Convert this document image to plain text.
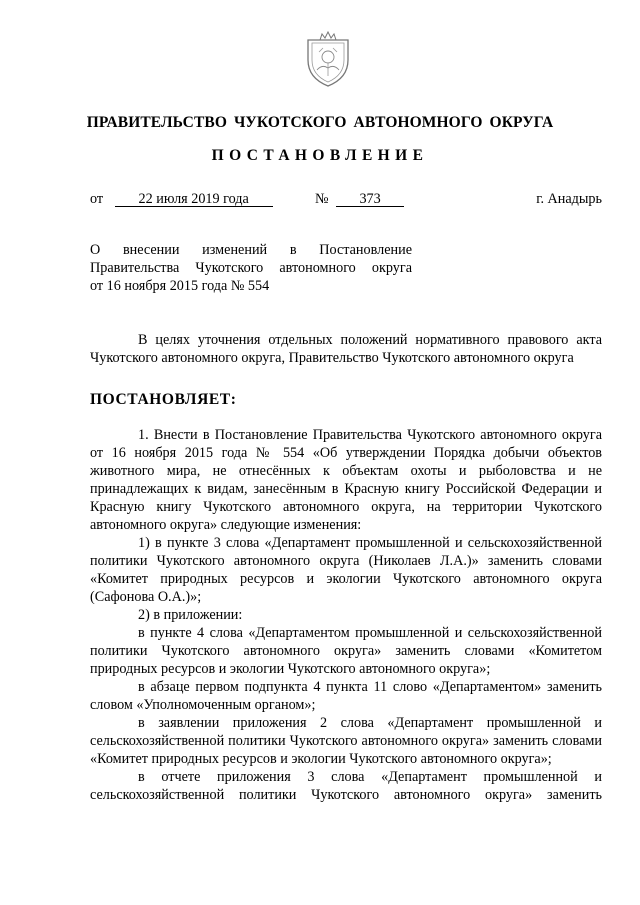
ПРАВИТЕЛЬСТВО ЧУКОТСКОГО АВТОНОМНОГО ОКРУГА
ПОСТАНОВЛЕНИЕ
от 22 июля 2019 года	№ 373	г. Анадырь

О внесении изменений в Постановление

Правительства Чукотского автономного округа

от 16 ноября 2015 года № 554

В целях уточнения отдельных положений нормативного правового акта Чукотского автономного округа, Правительство Чукотского автономного округа

ПОСТАНОВЛЯЕТ:

1. Внести в Постановление Правительства Чукотского автономного округа от 16 ноября 2015 года № 554 «Об утверждении Порядка добычи объектов животного мира, не отнесённых к объектам охоты и рыболовства и не принадлежащих к видам, занесённым в Красную книгу Российской Федерации и Красную книгу Чукотского автономного округа, на территории Чукотского автономного округа» следующие изменения:

1) в пункте 3 слова «Департамент промышленной и сельскохозяйственной политики Чукотского автономного округа (Николаев Л.А.)» заменить словами «Комитет природных ресурсов и экологии Чукотского автономного округа (Сафонова О.А.)»;

2) в приложении:

в пункте 4 слова «Департаментом промышленной и сельскохозяйственной политики Чукотского автономного округа» заменить словами «Комитетом природных ресурсов и экологии Чукотского автономного округа»;

в абзаце первом подпункта 4 пункта 11 слово «Департаментом» заменить словом «Уполномоченным органом»;

в заявлении приложения 2 слова «Департамент промышленной и сельскохозяйственной политики Чукотского автономного округа» заменить словами «Комитет природных ресурсов и экологии Чукотского автономного округа»;

в отчете приложения 3 слова «Департамент промышленной и сельскохозяйственной политики Чукотского автономного округа» заменить
